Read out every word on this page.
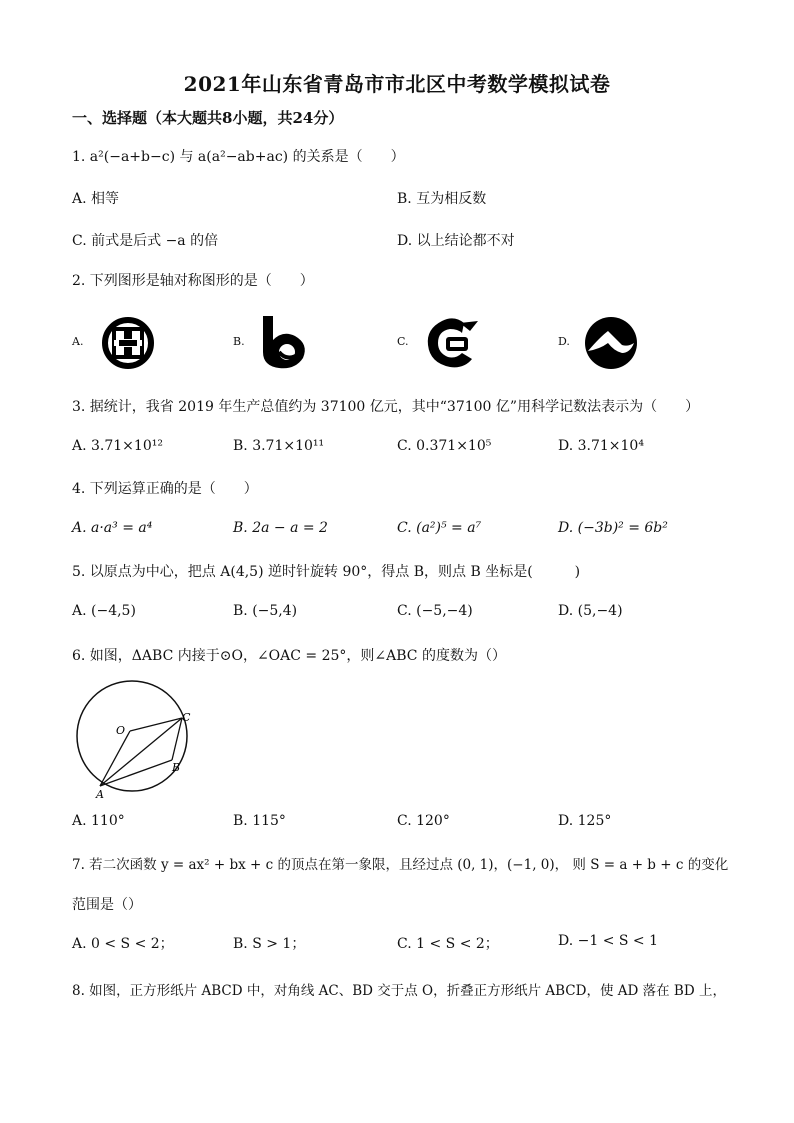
2021年山东省青岛市市北区中考数学模拟试卷
一、选择题（本大题共8小题，共24分）
1. a²(−a+b−c) 与 a(a²−ab+ac) 的关系是（　　）
A. 相等	B. 互为相反数
C. 前式是后式 −a 的倍	D. 以上结论都不对
2. 下列图形是轴对称图形的是（　　）
A.	B.	C.	D.
3. 据统计，我省 2019 年生产总值约为 37100 亿元，其中“37100 亿”用科学记数法表示为（　　）
A. 3.71×10¹²	B. 3.71×10¹¹	C. 0.371×10⁵	D. 3.71×10⁴
4. 下列运算正确的是（　　）
A. a·a³ = a⁴	B. 2a − a = 2	C. (a²)⁵ = a⁷	D. (−3b)² = 6b²
5. 以原点为中心，把点 A(4,5) 逆时针旋转 90°，得点 B，则点 B 坐标是(　　　)
A. (−4,5)	B. (−5,4)	C. (−5,−4)	D. (5,−4)
6. 如图，ΔABC 内接于⊙O，∠OAC = 25°，则∠ABC 的度数为（）
O
C
B
A
A. 110°	B. 115°	C. 120°	D. 125°
7. 若二次函数 y = ax² + bx + c 的顶点在第一象限，且经过点 (0, 1)，(−1, 0)， 则 S = a + b + c 的变化
范围是（）
A. 0 < S < 2；	B. S > 1；	C. 1 < S < 2；	D. −1 < S < 1
8. 如图，正方形纸片 ABCD 中，对角线 AC、BD 交于点 O，折叠正方形纸片 ABCD，使 AD 落在 BD 上，
